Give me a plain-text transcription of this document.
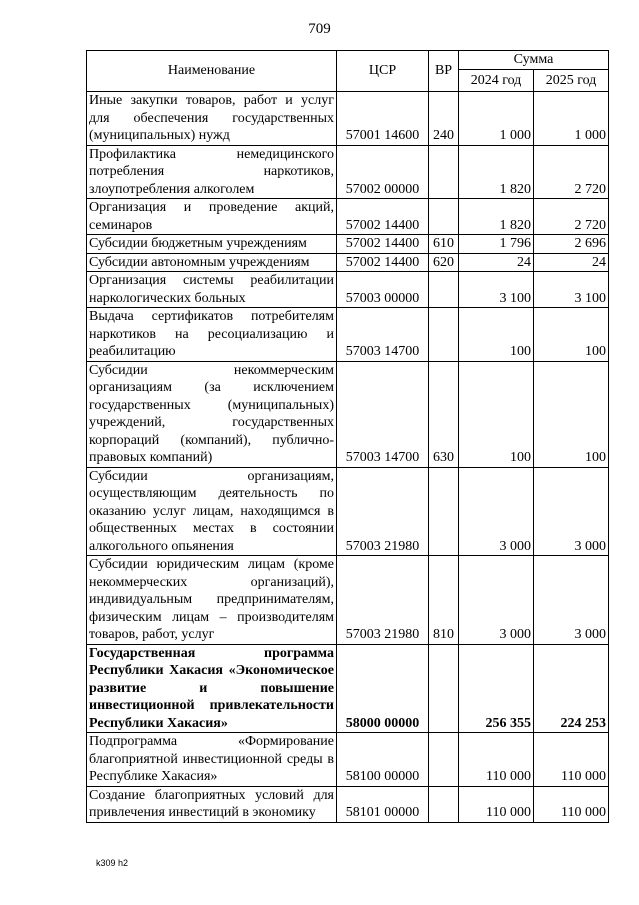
709
Наименование	ЦСР	ВР	Сумма	
			2024 год	2025 год
Иные закупки товаров, работ и услуг для обеспечения государственных (муниципальных) нужд	57001 14600	240	1 000	1 000
Профилактика немедицинского потребления наркотиков, злоупотребления алкоголем	57002 00000		1 820	2 720
Организация и проведение акций, семинаров	57002 14400		1 820	2 720
Субсидии бюджетным учреждениям	57002 14400	610	1 796	2 696
Субсидии автономным учреждениям	57002 14400	620	24	24
Организация системы реабилитации наркологических больных	57003 00000		3 100	3 100
Выдача сертификатов потребителям наркотиков на ресоциализацию и реабилитацию	57003 14700		100	100
Субсидии некоммерческим организациям (за исключением государственных (муниципальных) учреждений, государственных корпораций (компаний), публично-правовых компаний)	57003 14700	630	100	100
Субсидии организациям, осуществляющим деятельность по оказанию услуг лицам, находящимся в общественных местах в состоянии алкогольного опьянения	57003 21980		3 000	3 000
Субсидии юридическим лицам (кроме некоммерческих организаций), индивидуальным предпринимателям, физическим лицам – производителям товаров, работ, услуг	57003 21980	810	3 000	3 000
Государственная программа Республики Хакасия «Экономическое развитие и повышение инвестиционной привлекательности Республики Хакасия»	58000 00000		256 355	224 253
Подпрограмма «Формирование благоприятной инвестиционной среды в Республике Хакасия»	58100 00000		110 000	110 000
Создание благоприятных условий для привлечения инвестиций в экономику	58101 00000		110 000	110 000
k309 h2
